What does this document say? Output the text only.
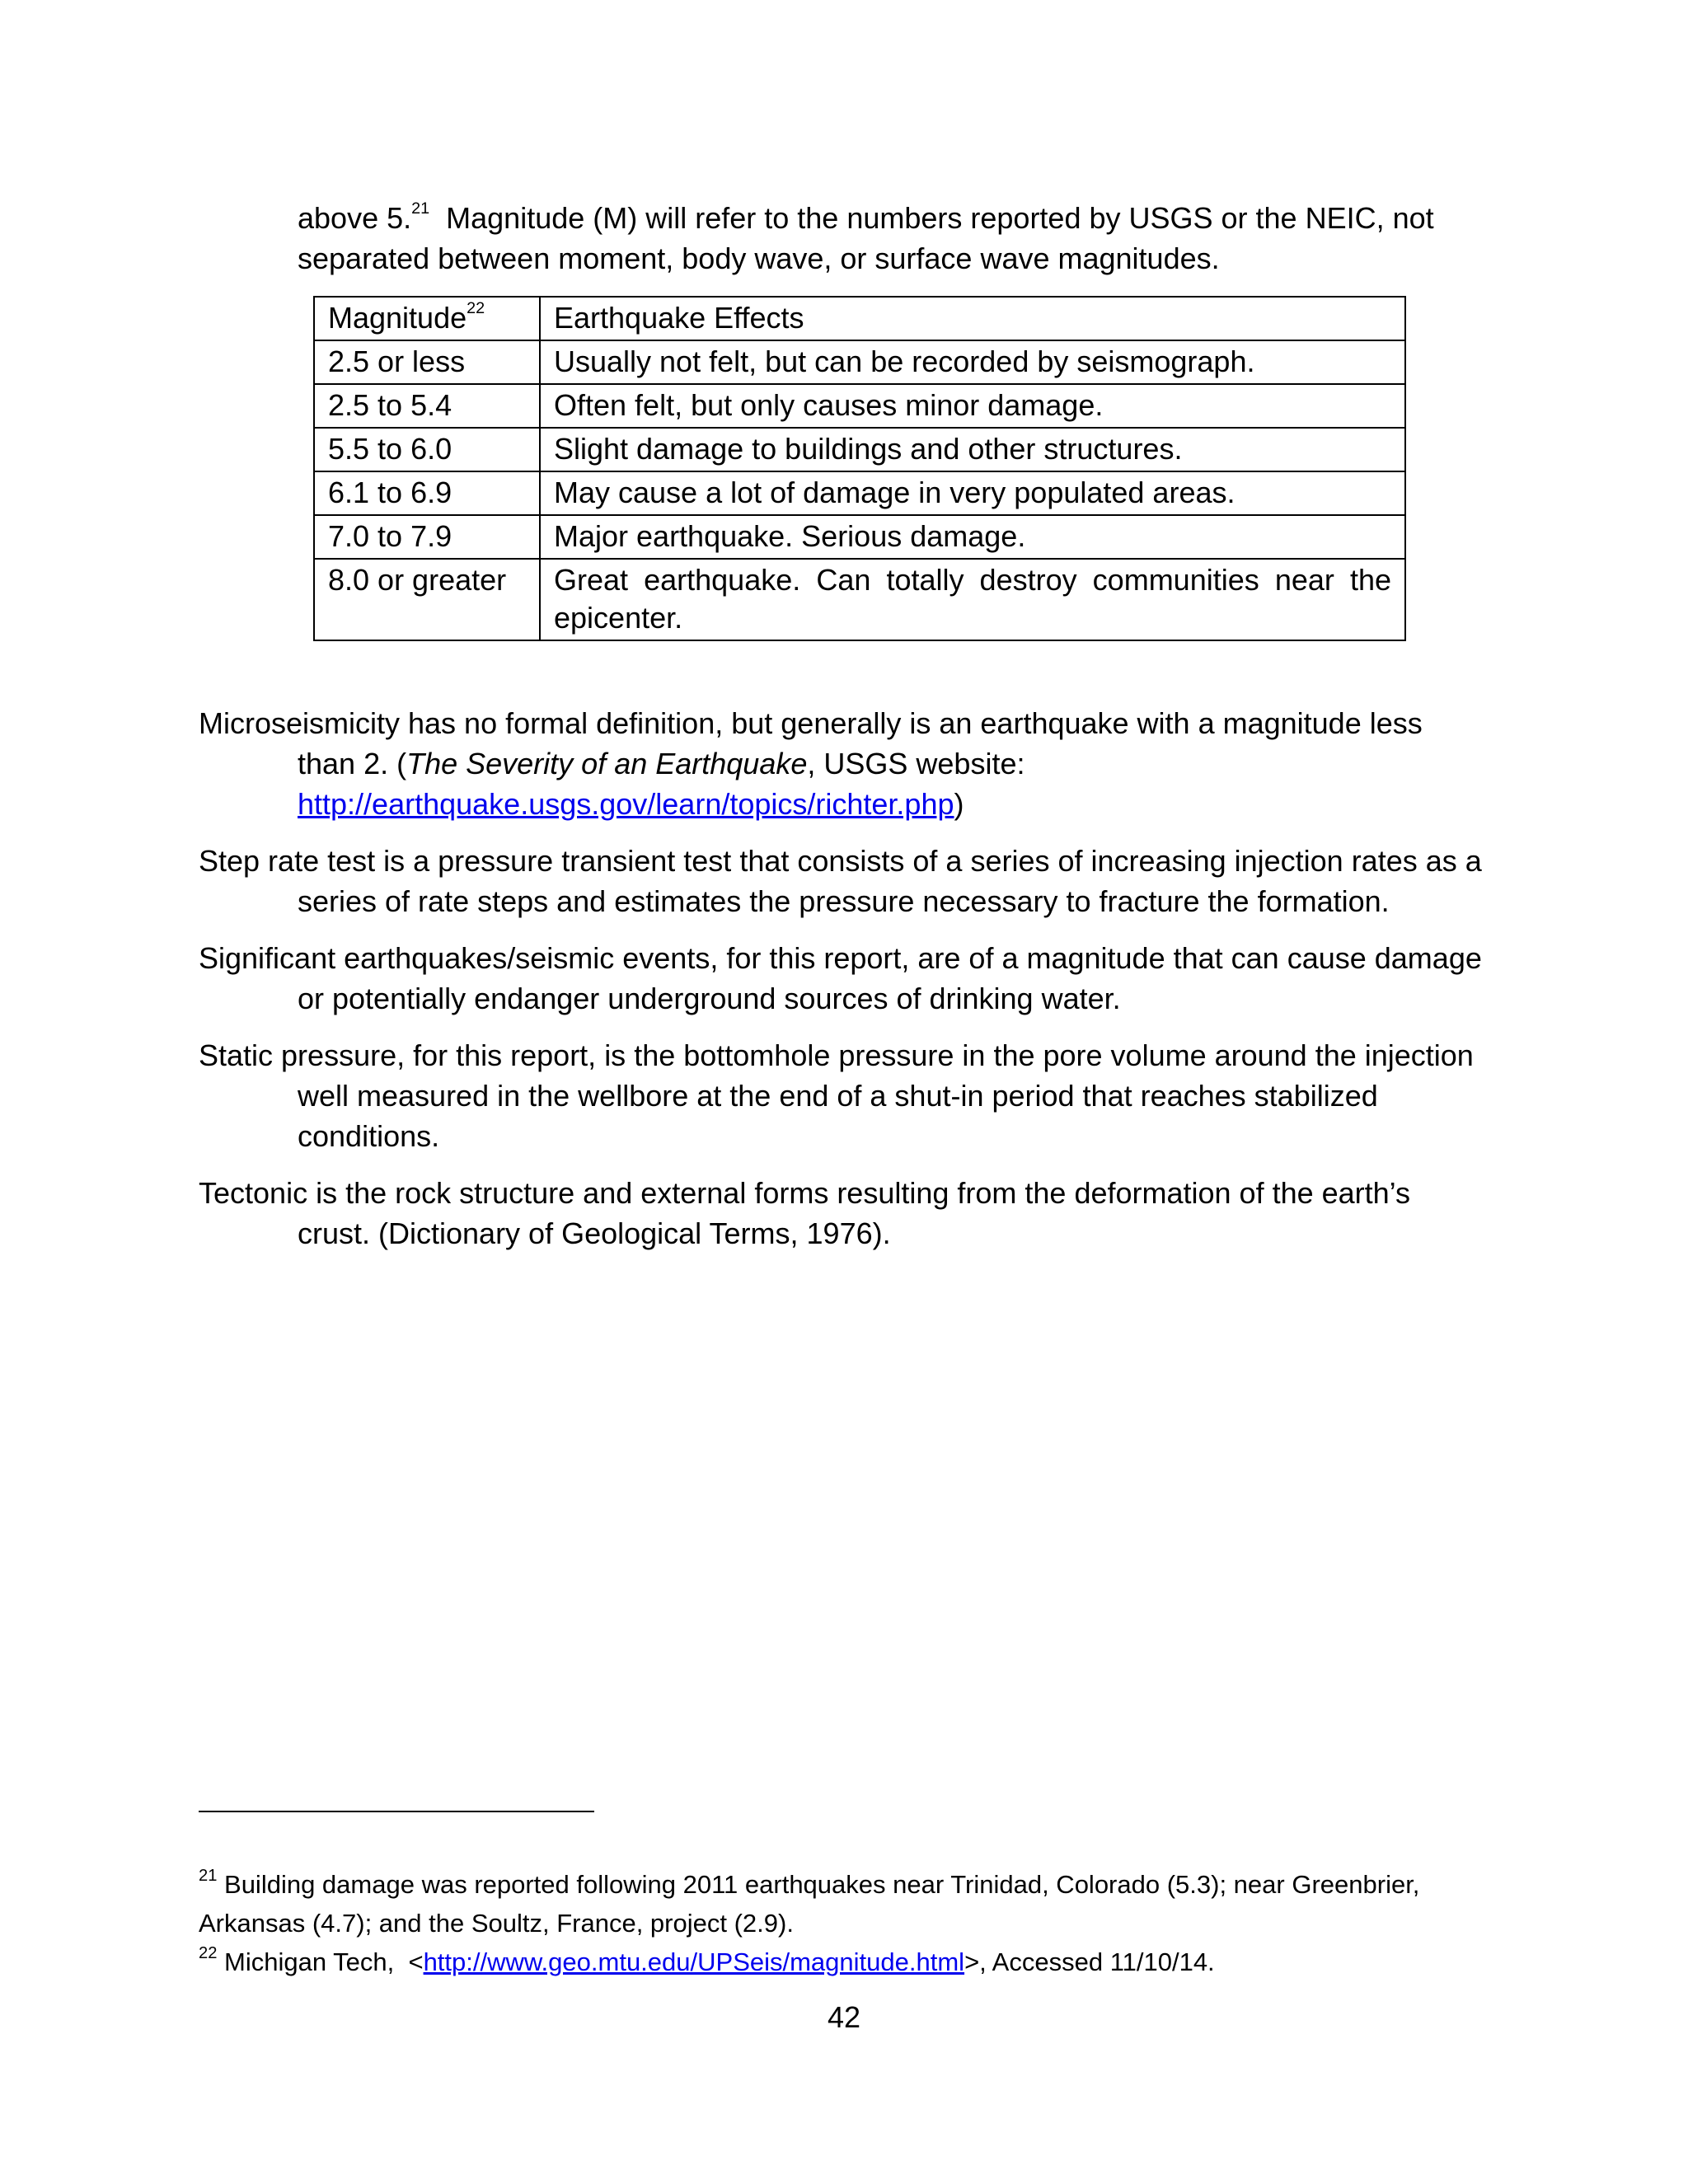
above 5.21  Magnitude (M) will refer to the numbers reported by USGS or the NEIC, not

separated between moment, body wave, or surface wave magnitudes.

Magnitude$^{22}$	Earthquake Effects
2.5 or less	Usually not felt, but can be recorded by seismograph.
2.5 to 5.4	Often felt, but only causes minor damage.
5.5 to 6.0	Slight damage to buildings and other structures.
6.1 to 6.9	May cause a lot of damage in very populated areas.
7.0 to 7.9	Major earthquake. Serious damage.
8.0 or greater	Great earthquake. Can totally destroy communities near the epicenter.

Microseismicity has no formal definition, but generally is an earthquake with a magnitude less than 2. (The Severity of an Earthquake, USGS website: http://earthquake.usgs.gov/learn/topics/richter.php)

Step rate test is a pressure transient test that consists of a series of increasing injection rates as a series of rate steps and estimates the pressure necessary to fracture the formation.

Significant earthquakes/seismic events, for this report, are of a magnitude that can cause damage or potentially endanger underground sources of drinking water.

Static pressure, for this report, is the bottomhole pressure in the pore volume around the injection well measured in the wellbore at the end of a shut-in period that reaches stabilized conditions.

Tectonic is the rock structure and external forms resulting from the deformation of the earth’s crust. (Dictionary of Geological Terms, 1976).

$^{21}$ Building damage was reported following 2011 earthquakes near Trinidad, Colorado (5.3); near Greenbrier, Arkansas (4.7); and the Soultz, France, project (2.9).

$^{22}$ Michigan Tech,  <http://www.geo.mtu.edu/UPSeis/magnitude.html>, Accessed 11/10/14.

42
